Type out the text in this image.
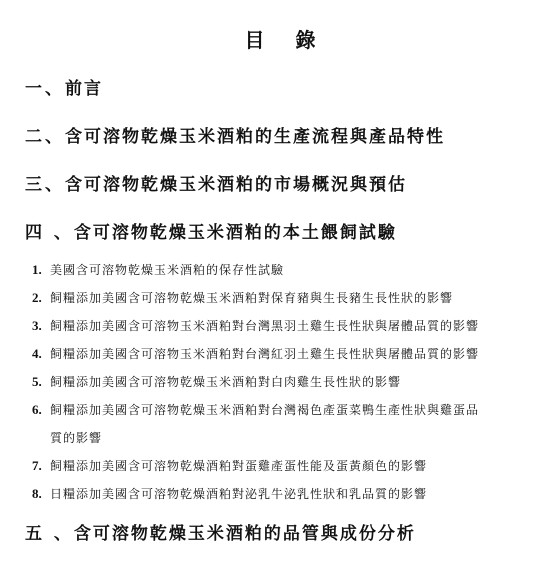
目 錄
一、前言
二、含可溶物乾燥玉米酒粕的生產流程與產品特性
三、含可溶物乾燥玉米酒粕的市場概況與預估
四 、含可溶物乾燥玉米酒粕的本土餵飼試驗
1. 美國含可溶物乾燥玉米酒粕的保存性試驗
2. 飼糧添加美國含可溶物乾燥玉米酒粕對保育豬與生長豬生長性狀的影響
3. 飼糧添加美國含可溶物玉米酒粕對台灣黑羽土雞生長性狀與屠體品質的影響
4. 飼糧添加美國含可溶物玉米酒粕對台灣紅羽土雞生長性狀與屠體品質的影響
5. 飼糧添加美國含可溶物乾燥玉米酒粕對白肉雞生長性狀的影響
6. 飼糧添加美國含可溶物乾燥玉米酒粕對台灣褐色產蛋菜鴨生產性狀與雞蛋品
質的影響
7. 飼糧添加美國含可溶物乾燥酒粕對蛋雞產蛋性能及蛋黃顏色的影響
8. 日糧添加美國含可溶物乾燥酒粕對泌乳牛泌乳性狀和乳品質的影響
五 、含可溶物乾燥玉米酒粕的品管與成份分析
